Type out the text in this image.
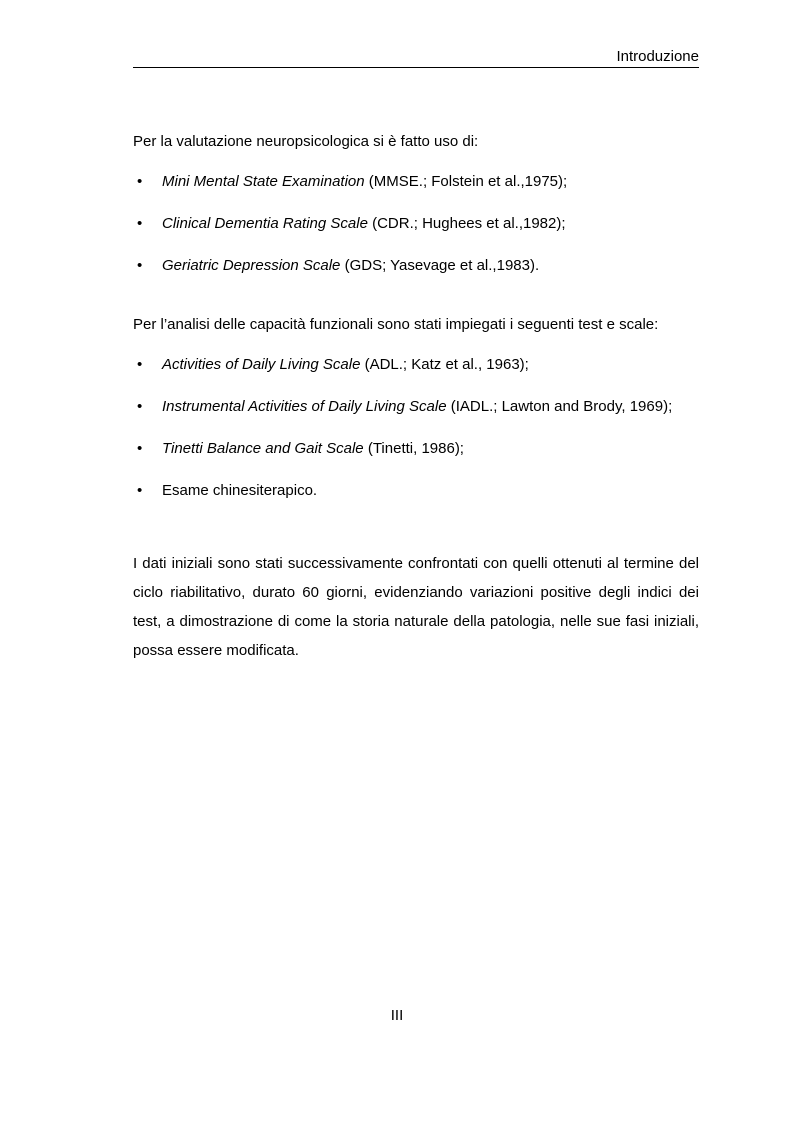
Introduzione

Per la valutazione neuropsicologica si è fatto uso di:

• Mini Mental State Examination (MMSE.; Folstein et al.,1975);
• Clinical Dementia Rating Scale (CDR.; Hughees et al.,1982);
• Geriatric Depression Scale (GDS; Yasevage et al.,1983).

Per l’analisi delle capacità funzionali sono stati impiegati i seguenti test e scale:

• Activities of Daily Living Scale (ADL.; Katz et al., 1963);
• Instrumental Activities of Daily Living Scale (IADL.; Lawton and Brody, 1969);
• Tinetti Balance and Gait Scale (Tinetti, 1986);
• Esame chinesiterapico.

I dati iniziali sono stati successivamente confrontati con quelli ottenuti al termine del ciclo riabilitativo, durato 60 giorni, evidenziando variazioni positive degli indici dei test, a dimostrazione di come la storia naturale della patologia, nelle sue fasi iniziali, possa essere modificata.

III
